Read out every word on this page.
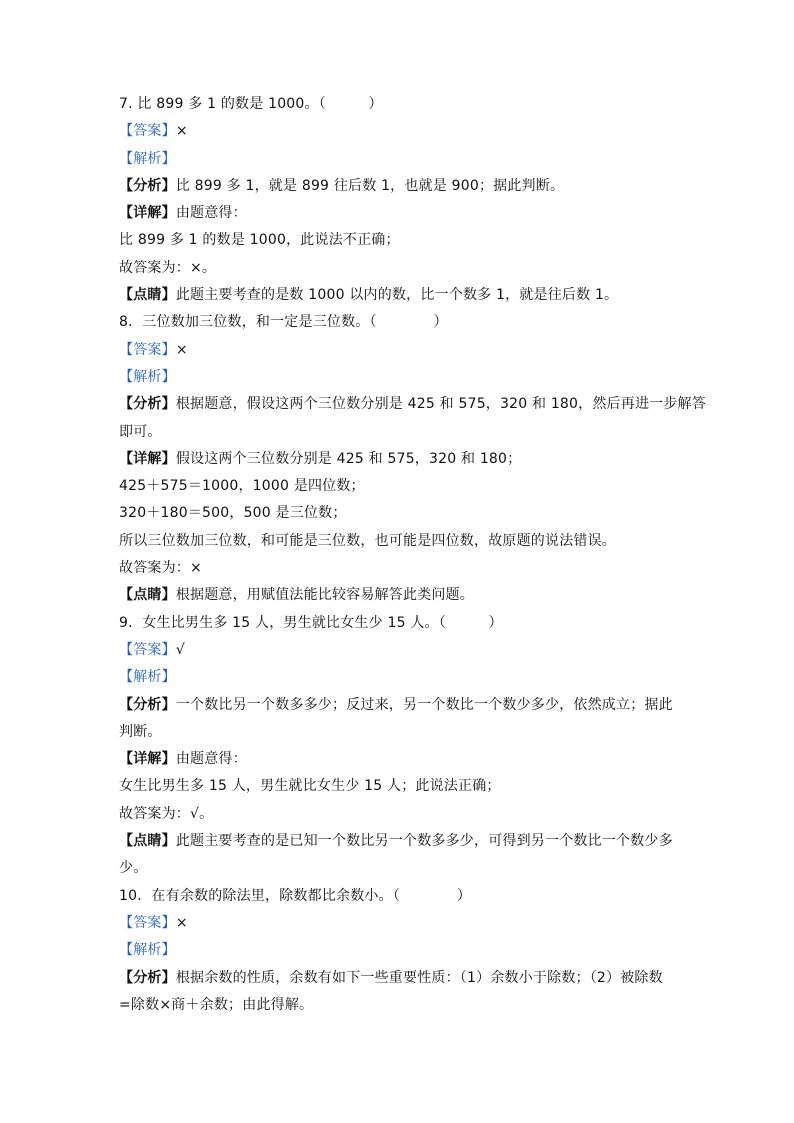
7. 比 899 多 1 的数是 1000。（　　　）
【答案】×
【解析】
【分析】比 899 多 1，就是 899 往后数 1，也就是 900；据此判断。
【详解】由题意得：
比 899 多 1 的数是 1000，此说法不正确；
故答案为：×。
【点睛】此题主要考查的是数 1000 以内的数，比一个数多 1，就是往后数 1。
8．三位数加三位数，和一定是三位数。（　　　　）
【答案】×
【解析】
【分析】根据题意，假设这两个三位数分别是 425 和 575，320 和 180，然后再进一步解答
即可。
【详解】假设这两个三位数分别是 425 和 575，320 和 180；
425＋575＝1000，1000 是四位数；
320＋180＝500，500 是三位数；
所以三位数加三位数，和可能是三位数，也可能是四位数，故原题的说法错误。
故答案为：×
【点睛】根据题意，用赋值法能比较容易解答此类问题。
9．女生比男生多 15 人，男生就比女生少 15 人。（　　　）
【答案】√
【解析】
【分析】一个数比另一个数多多少；反过来，另一个数比一个数少多少，依然成立；据此
判断。
【详解】由题意得：
女生比男生多 15 人，男生就比女生少 15 人；此说法正确；
故答案为：√。
【点睛】此题主要考查的是已知一个数比另一个数多多少，可得到另一个数比一个数少多
少。
10．在有余数的除法里，除数都比余数小。（　　　　）
【答案】×
【解析】
【分析】根据余数的性质，余数有如下一些重要性质：（1）余数小于除数；（2）被除数
=除数×商＋余数；由此得解。
